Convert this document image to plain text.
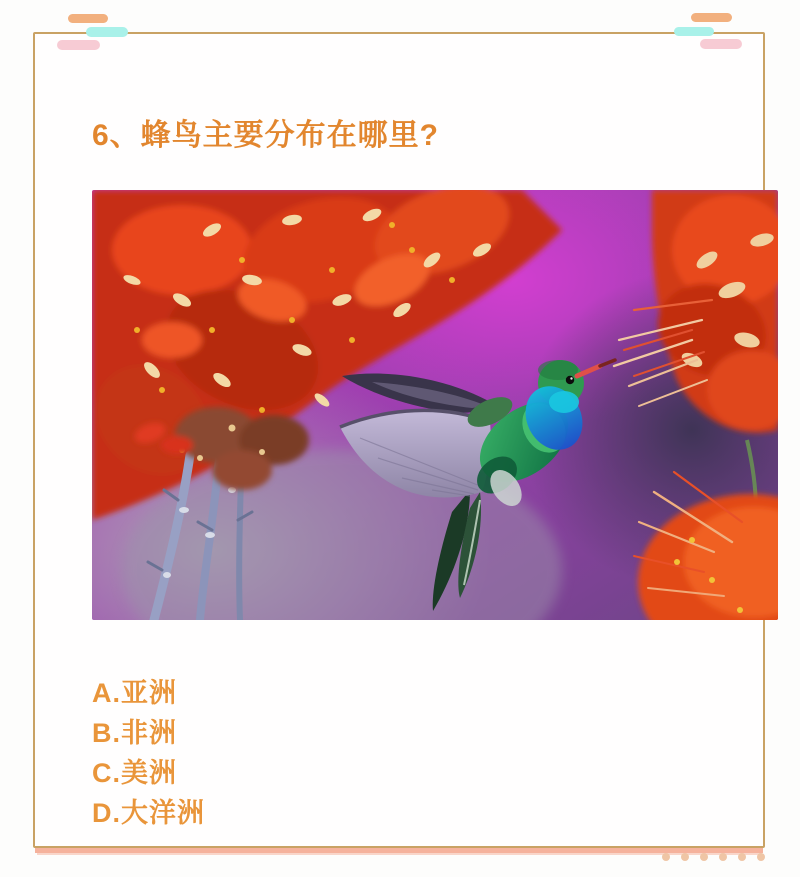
6、蜂鸟主要分布在哪里?
A.亚洲
B.非洲
C.美洲
D.大洋洲
